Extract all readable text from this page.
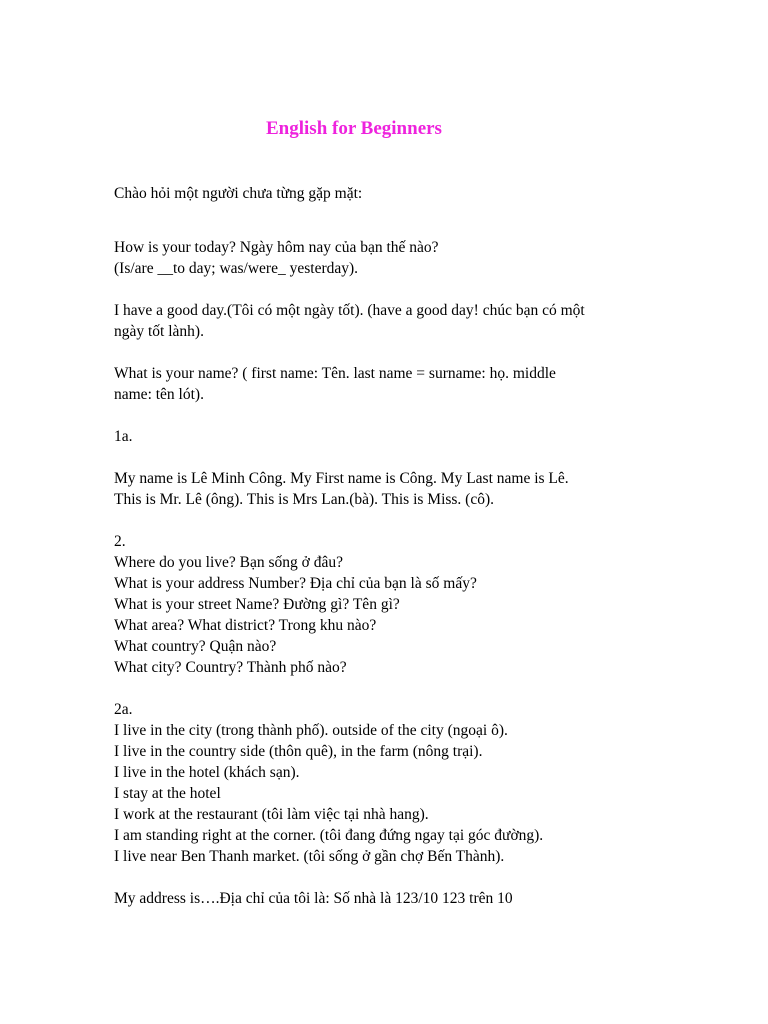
English for Beginners
Chào hỏi một người chưa từng gặp mặt:
How is your today? Ngày hôm nay của bạn thế nào?
(Is/are __to day; was/were_ yesterday).
I have a good day.(Tôi có một ngày tốt). (have a good day! chúc bạn có một
ngày tốt lành).
What is your name? ( first name: Tên. last name = surname: họ. middle
name: tên lót).
1a.
My name is Lê Minh Công. My First name is Công. My Last name is Lê.
This is Mr. Lê (ông). This is Mrs Lan.(bà). This is Miss. (cô).
2.
Where do you live? Bạn sống ở đâu?
What is your address Number? Địa chỉ của bạn là số mấy?
What is your street Name? Đường gì? Tên gì?
What area? What district? Trong khu nào?
What country? Quận nào?
What city? Country? Thành phố nào?
2a.
I live in the city (trong thành phố). outside of the city (ngoại ô).
I live in the country side (thôn quê), in the farm (nông trại).
I live in the hotel (khách sạn).
I stay at the hotel
I work at the restaurant (tôi làm việc tại nhà hang).
I am standing right at the corner. (tôi đang đứng ngay tại góc đường).
I live near Ben Thanh market. (tôi sống ở gần chợ Bến Thành).
My address is….Địa chỉ của tôi là: Số nhà là 123/10 123 trên 10
